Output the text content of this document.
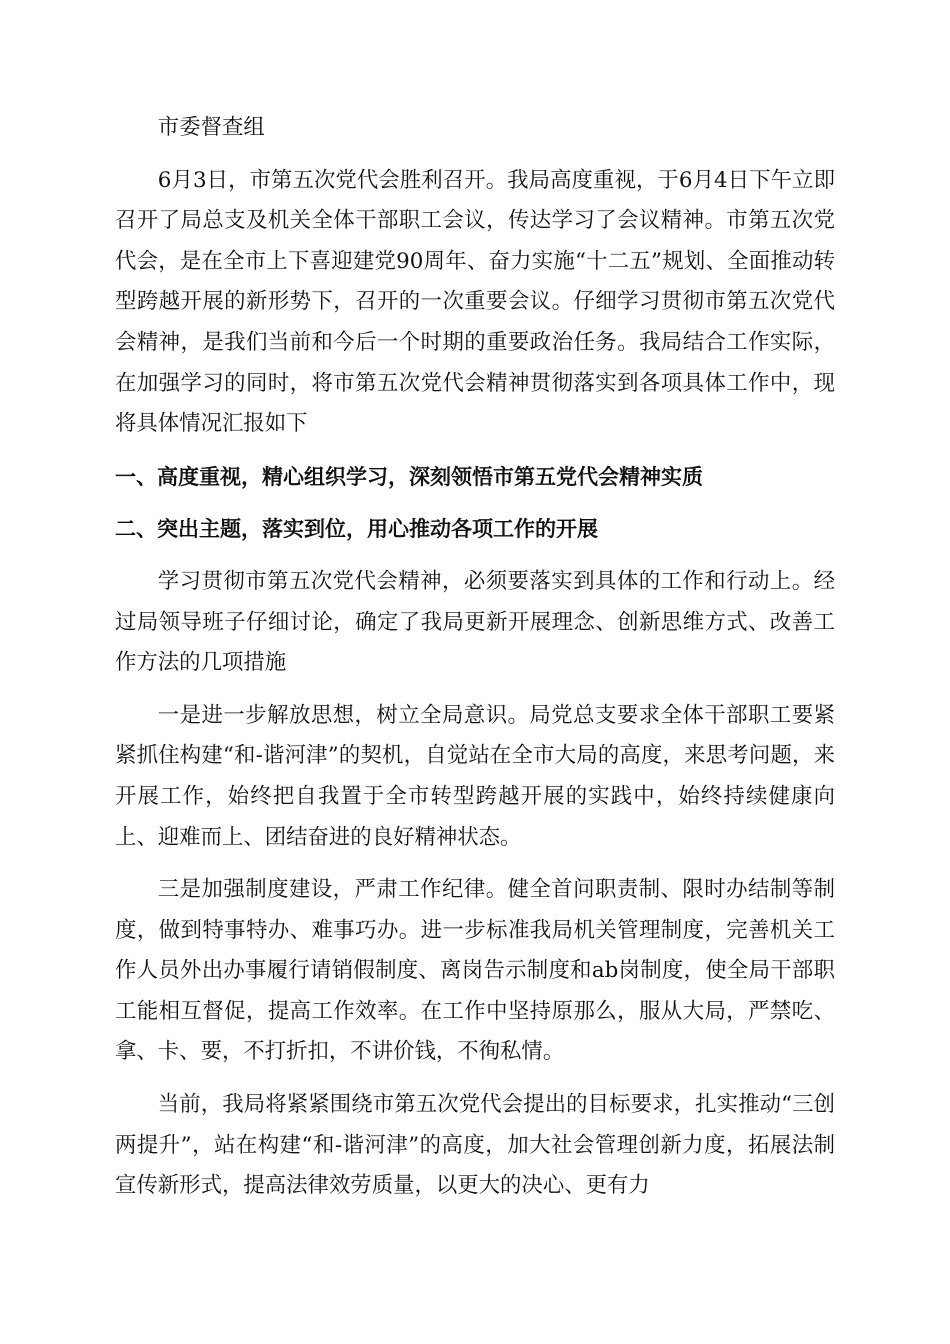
市委督查组

6月3日，市第五次党代会胜利召开。我局高度重视，于6月4日下午立即召开了局总支及机关全体干部职工会议，传达学习了会议精神。市第五次党代会，是在全市上下喜迎建党90周年、奋力实施“十二五”规划、全面推动转型跨越开展的新形势下，召开的一次重要会议。仔细学习贯彻市第五次党代会精神，是我们当前和今后一个时期的重要政治任务。我局结合工作实际，在加强学习的同时，将市第五次党代会精神贯彻落实到各项具体工作中，现将具体情况汇报如下

一、高度重视，精心组织学习，深刻领悟市第五党代会精神实质

二、突出主题，落实到位，用心推动各项工作的开展

学习贯彻市第五次党代会精神，必须要落实到具体的工作和行动上。经过局领导班子仔细讨论，确定了我局更新开展理念、创新思维方式、改善工作方法的几项措施

一是进一步解放思想，树立全局意识。局党总支要求全体干部职工要紧紧抓住构建“和-谐河津”的契机，自觉站在全市大局的高度，来思考问题，来开展工作，始终把自我置于全市转型跨越开展的实践中，始终持续健康向上、迎难而上、团结奋进的良好精神状态。

三是加强制度建设，严肃工作纪律。健全首问职责制、限时办结制等制度，做到特事特办、难事巧办。进一步标准我局机关管理制度，完善机关工作人员外出办事履行请销假制度、离岗告示制度和ab岗制度，使全局干部职工能相互督促，提高工作效率。在工作中坚持原那么，服从大局，严禁吃、拿、卡、要，不打折扣，不讲价钱，不徇私情。

当前，我局将紧紧围绕市第五次党代会提出的目标要求，扎实推动“三创两提升”，站在构建“和-谐河津”的高度，加大社会管理创新力度，拓展法制宣传新形式，提高法律效劳质量，以更大的决心、更有力
